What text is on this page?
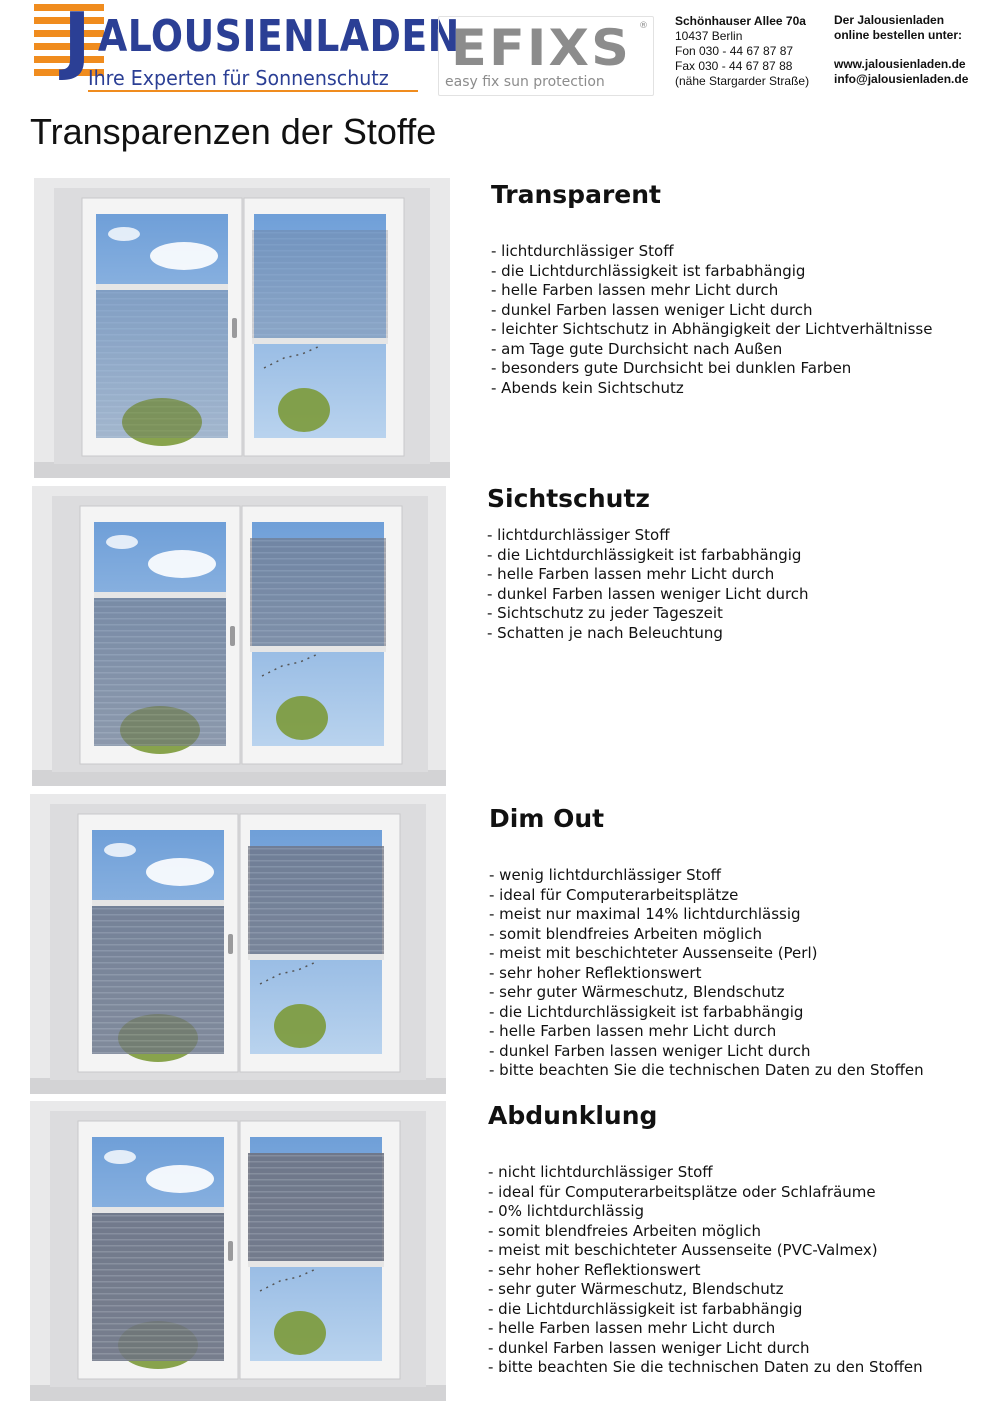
J ALOUSIENLADEN
Ihre Experten für Sonnenschutz
EFIXS ®
easy fix sun protection
Schönhauser Allee 70a
10437 Berlin
Fon 030 - 44 67 87 87
Fax 030 - 44 67 87 88
(nähe Stargarder Straße)
Der Jalousienladen
online bestellen unter:
www.jalousienladen.de
info@jalousienladen.de
Transparenzen der Stoffe
Transparent
- lichtdurchlässiger Stoff
- die Lichtdurchlässigkeit ist farbabhängig
- helle Farben lassen mehr Licht durch
- dunkel Farben lassen weniger Licht durch
- leichter Sichtschutz in Abhängigkeit der Lichtverhältnisse
- am Tage gute Durchsicht nach Außen
- besonders gute Durchsicht bei dunklen Farben
- Abends kein Sichtschutz
Sichtschutz
- lichtdurchlässiger Stoff
- die Lichtdurchlässigkeit ist farbabhängig
- helle Farben lassen mehr Licht durch
- dunkel Farben lassen weniger Licht durch
- Sichtschutz zu jeder Tageszeit
- Schatten je nach Beleuchtung
Dim Out
- wenig lichtdurchlässiger Stoff
- ideal für Computerarbeitsplätze
- meist nur maximal 14% lichtdurchlässig
- somit blendfreies Arbeiten möglich
- meist mit beschichteter Aussenseite (Perl)
- sehr hoher Reflektionswert
- sehr guter Wärmeschutz, Blendschutz
- die Lichtdurchlässigkeit ist farbabhängig
- helle Farben lassen mehr Licht durch
- dunkel Farben lassen weniger Licht durch
- bitte beachten Sie die technischen Daten zu den Stoffen
Abdunklung
- nicht lichtdurchlässiger Stoff
- ideal für Computerarbeitsplätze oder Schlafräume
- 0% lichtdurchlässig
- somit blendfreies Arbeiten möglich
- meist mit beschichteter Aussenseite (PVC-Valmex)
- sehr hoher Reflektionswert
- sehr guter Wärmeschutz, Blendschutz
- die Lichtdurchlässigkeit ist farbabhängig
- helle Farben lassen mehr Licht durch
- dunkel Farben lassen weniger Licht durch
- bitte beachten Sie die technischen Daten zu den Stoffen
